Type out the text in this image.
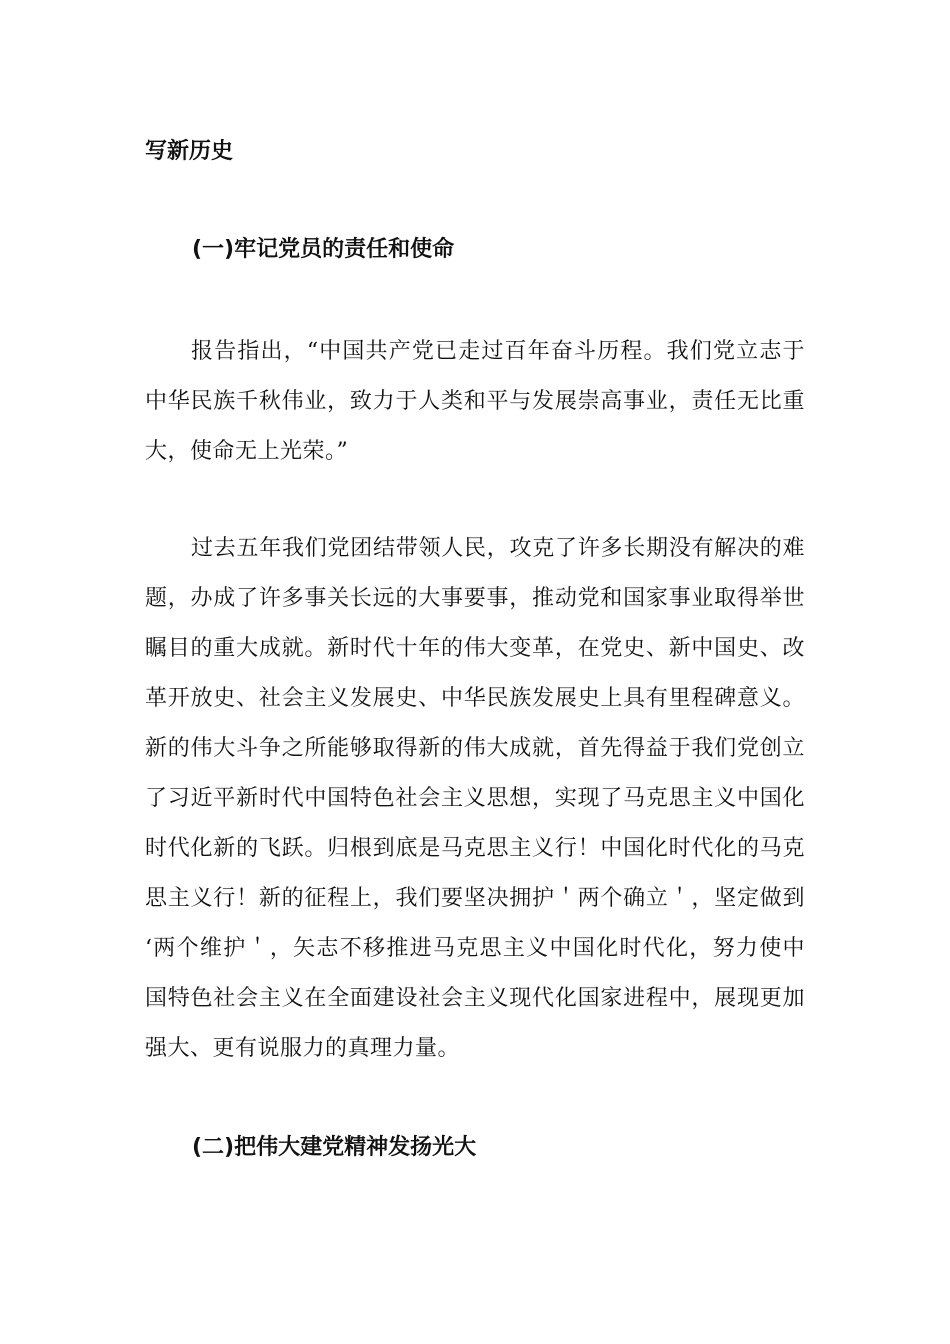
写新历史
(一)牢记党员的责任和使命
报告指出，“中国共产党已走过百年奋斗历程。我们党立志于
中华民族千秋伟业，致力于人类和平与发展崇高事业，责任无比重
大，使命无上光荣。”
过去五年我们党团结带领人民，攻克了许多长期没有解决的难
题，办成了许多事关长远的大事要事，推动党和国家事业取得举世
瞩目的重大成就。新时代十年的伟大变革，在党史、新中国史、改
革开放史、社会主义发展史、中华民族发展史上具有里程碑意义。
新的伟大斗争之所能够取得新的伟大成就，首先得益于我们党创立
了习近平新时代中国特色社会主义思想，实现了马克思主义中国化
时代化新的飞跃。归根到底是马克思主义行！中国化时代化的马克
思主义行！新的征程上，我们要坚决拥护＇两个确立＇，坚定做到
‘两个维护＇，矢志不移推进马克思主义中国化时代化，努力使中
国特色社会主义在全面建设社会主义现代化国家进程中，展现更加
强大、更有说服力的真理力量。
(二)把伟大建党精神发扬光大
